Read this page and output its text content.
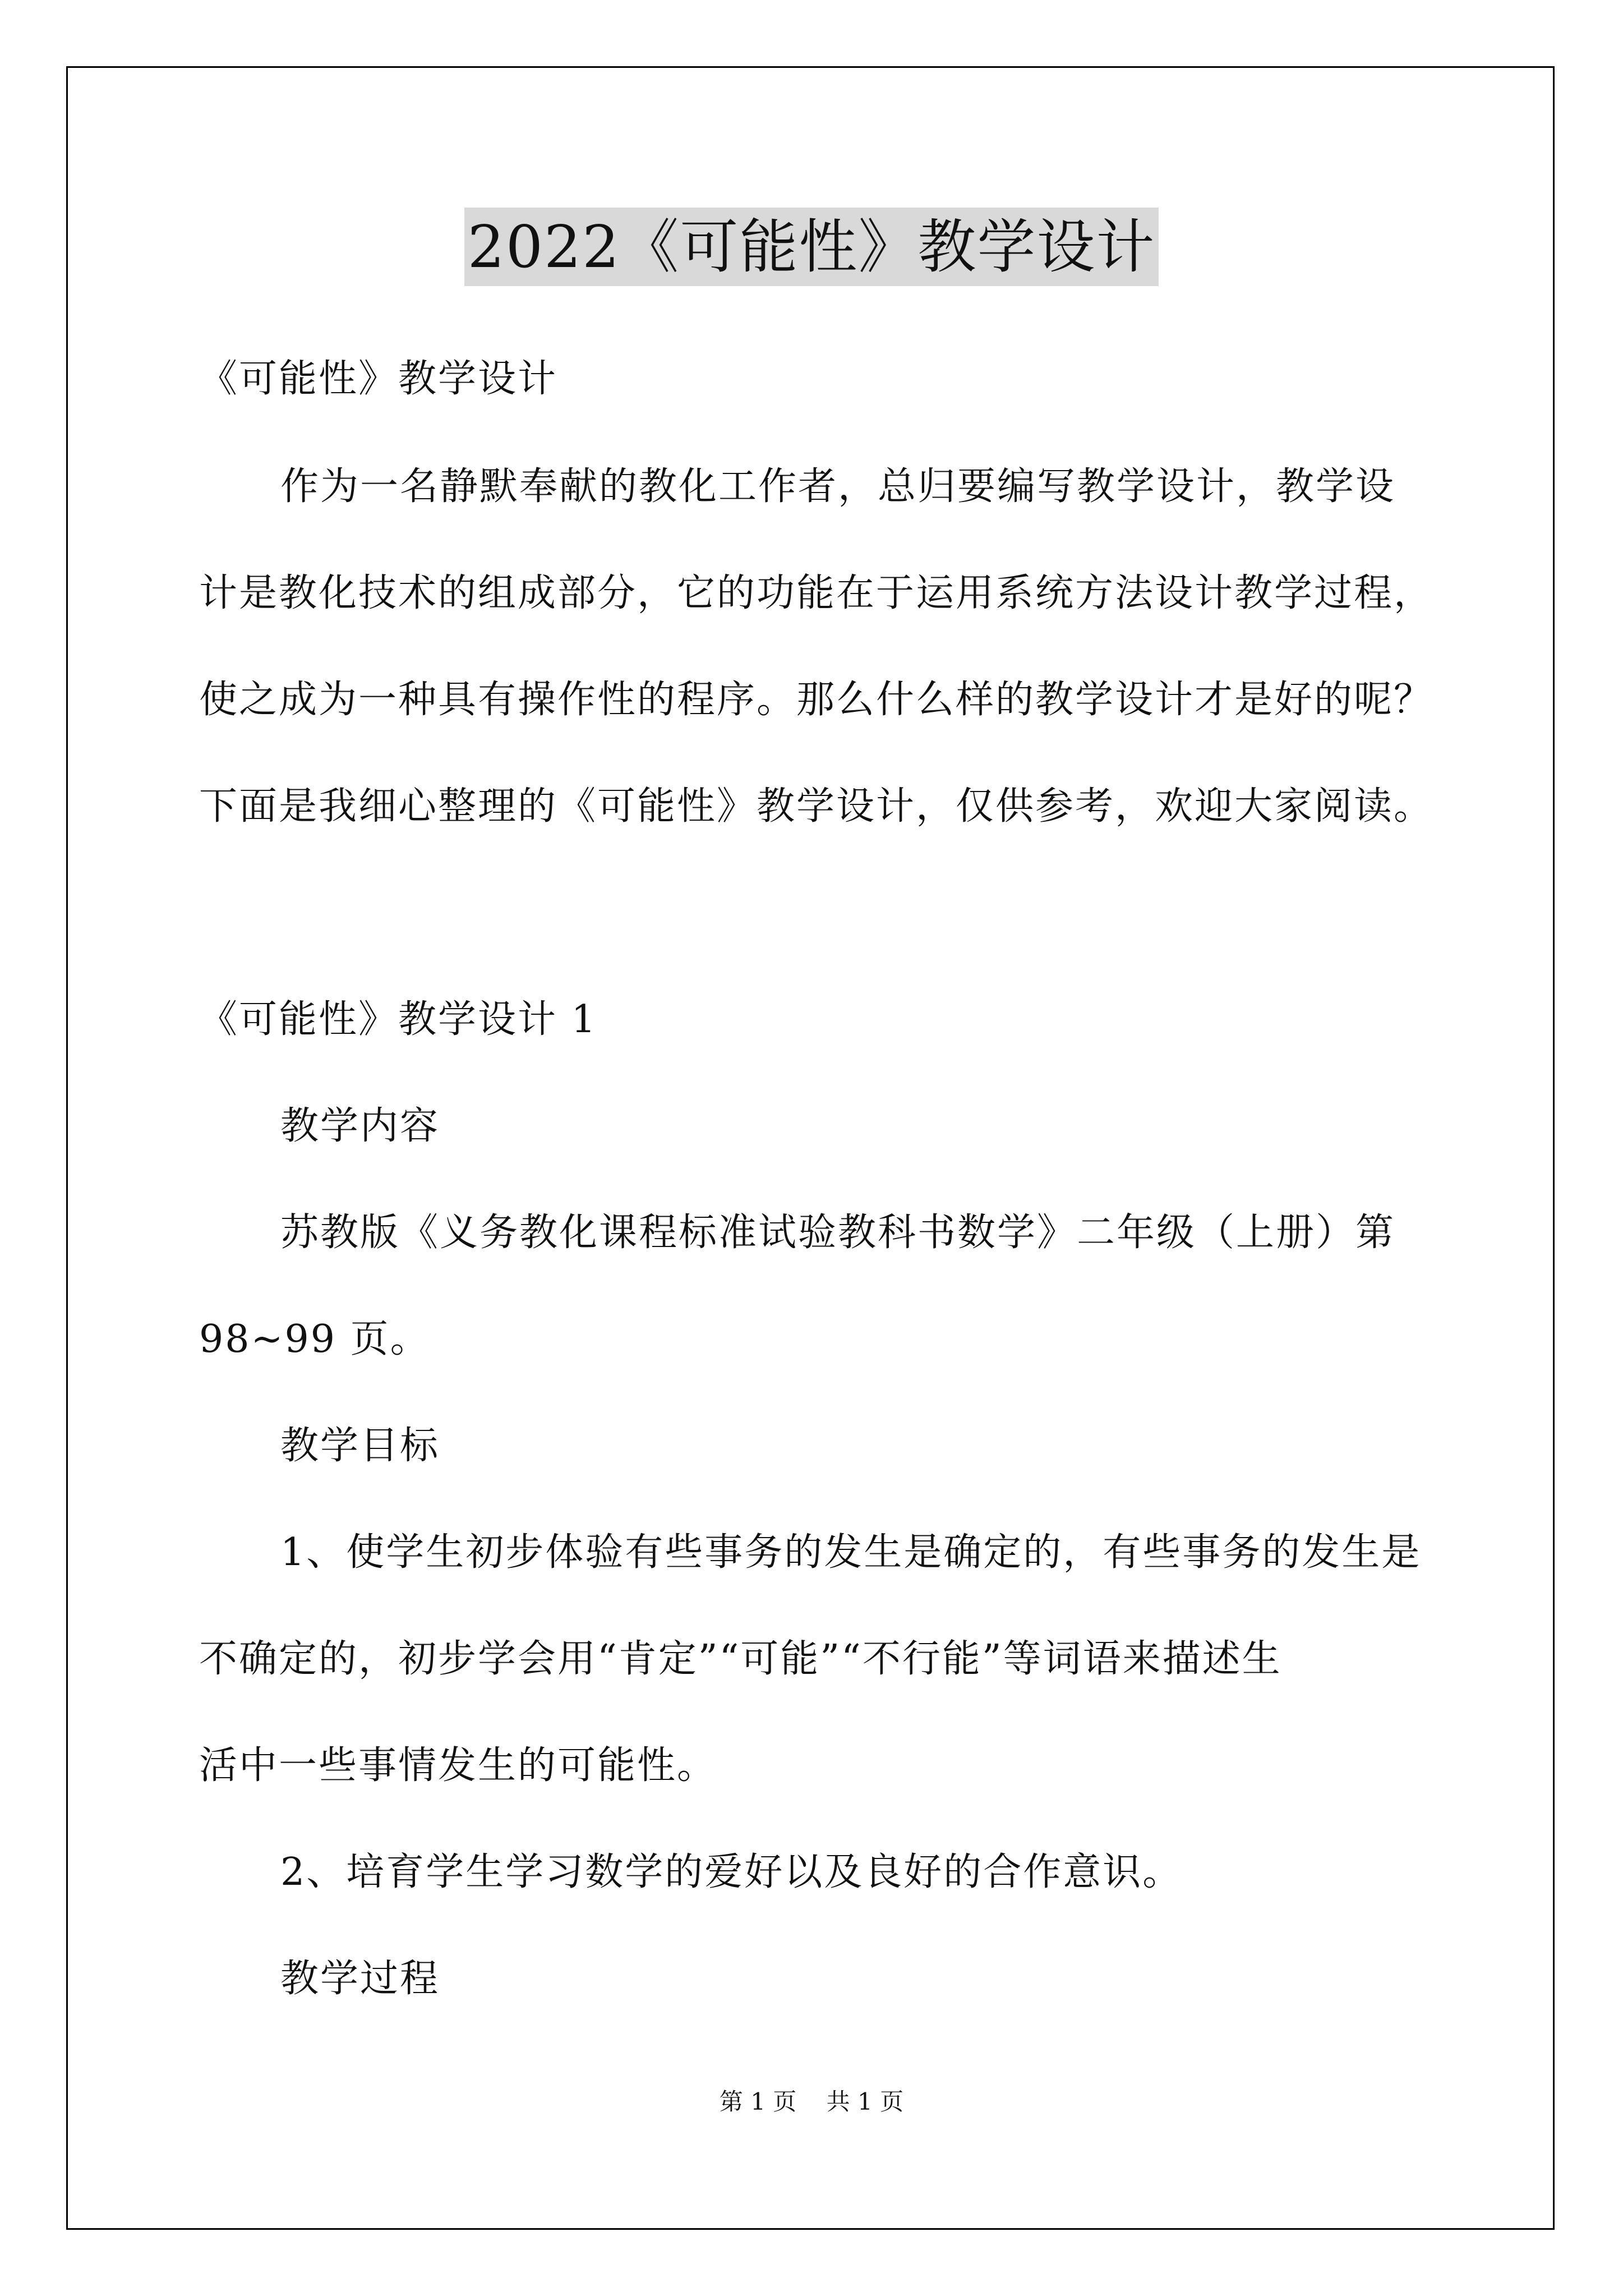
2022《可能性》教学设计
《可能性》教学设计
作为一名静默奉献的教化工作者，总归要编写教学设计，教学设
计是教化技术的组成部分，它的功能在于运用系统方法设计教学过程，
使之成为一种具有操作性的程序。那么什么样的教学设计才是好的呢？
下面是我细心整理的《可能性》教学设计，仅供参考，欢迎大家阅读。
《可能性》教学设计 1
教学内容
苏教版《义务教化课程标准试验教科书数学》二年级（上册）第
98~99 页。
教学目标
1、使学生初步体验有些事务的发生是确定的，有些事务的发生是
不确定的，初步学会用“肯定”“可能”“不行能”等词语来描述生
活中一些事情发生的可能性。
2、培育学生学习数学的爱好以及良好的合作意识。
教学过程
第 1 页 共 1 页
